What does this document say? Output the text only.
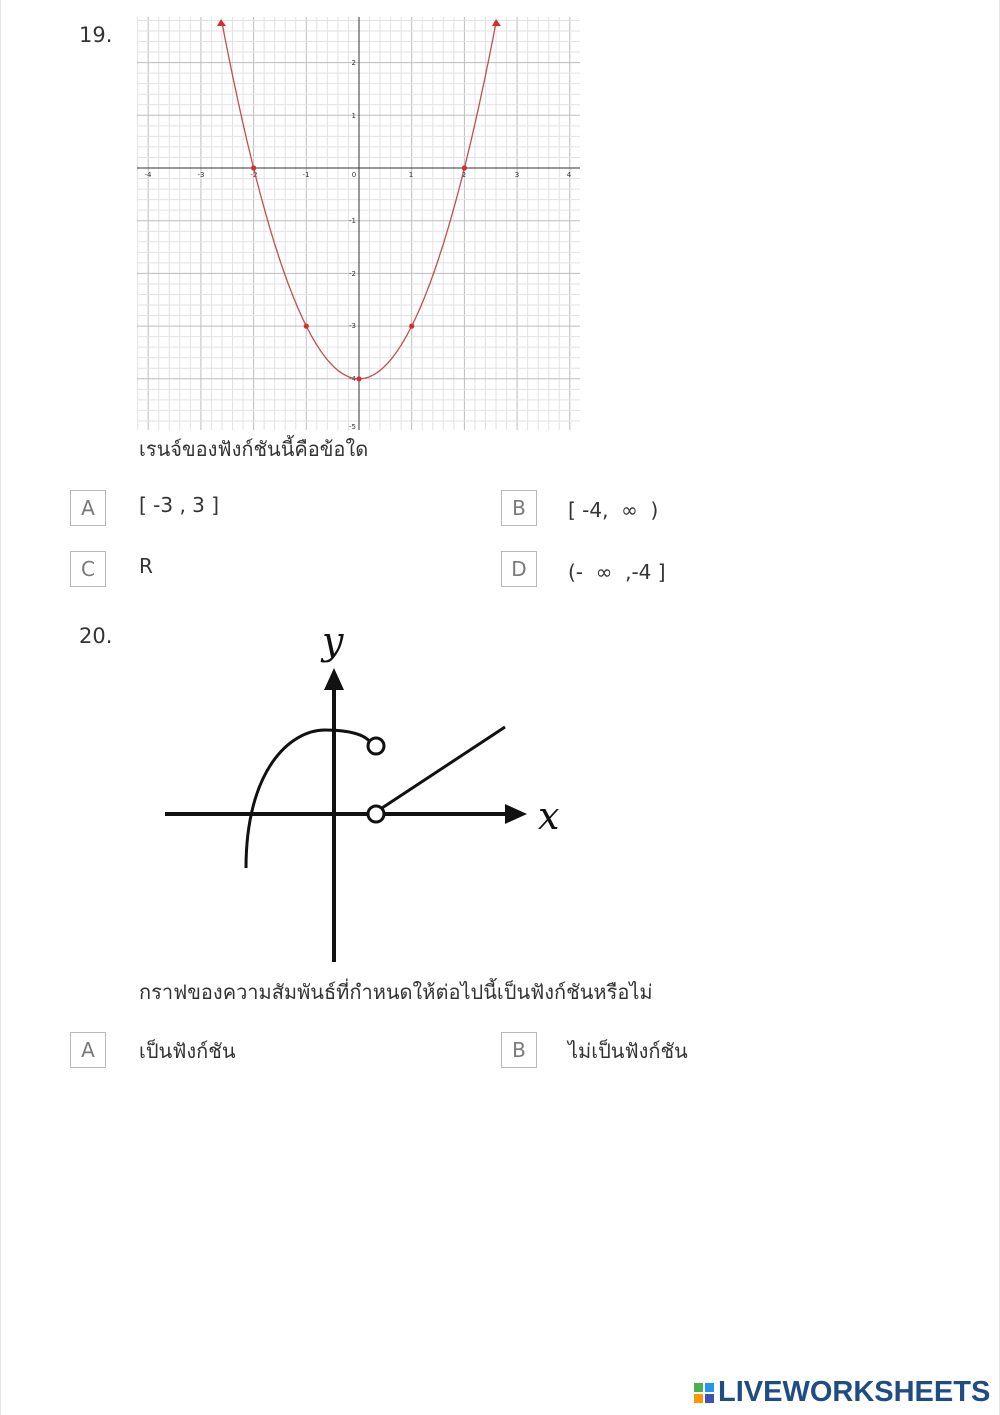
19.
-4	-3	-2	-1	0	1	2	3	4
2
1
-1
-2
-3
-4
-5
เรนจ์ของฟังก์ชันนี้คือข้อใด
A [ -3 , 3 ]	B [ -4,  ∞  )
C R	D (-  ∞  ,-4 ]
20.
x
y
กราฟของความสัมพันธ์ที่กำหนดให้ต่อไปนี้เป็นฟังก์ชันหรือไม่
A เป็นฟังก์ชัน	B ไม่เป็นฟังก์ชัน
LIVEWORKSHEETS
